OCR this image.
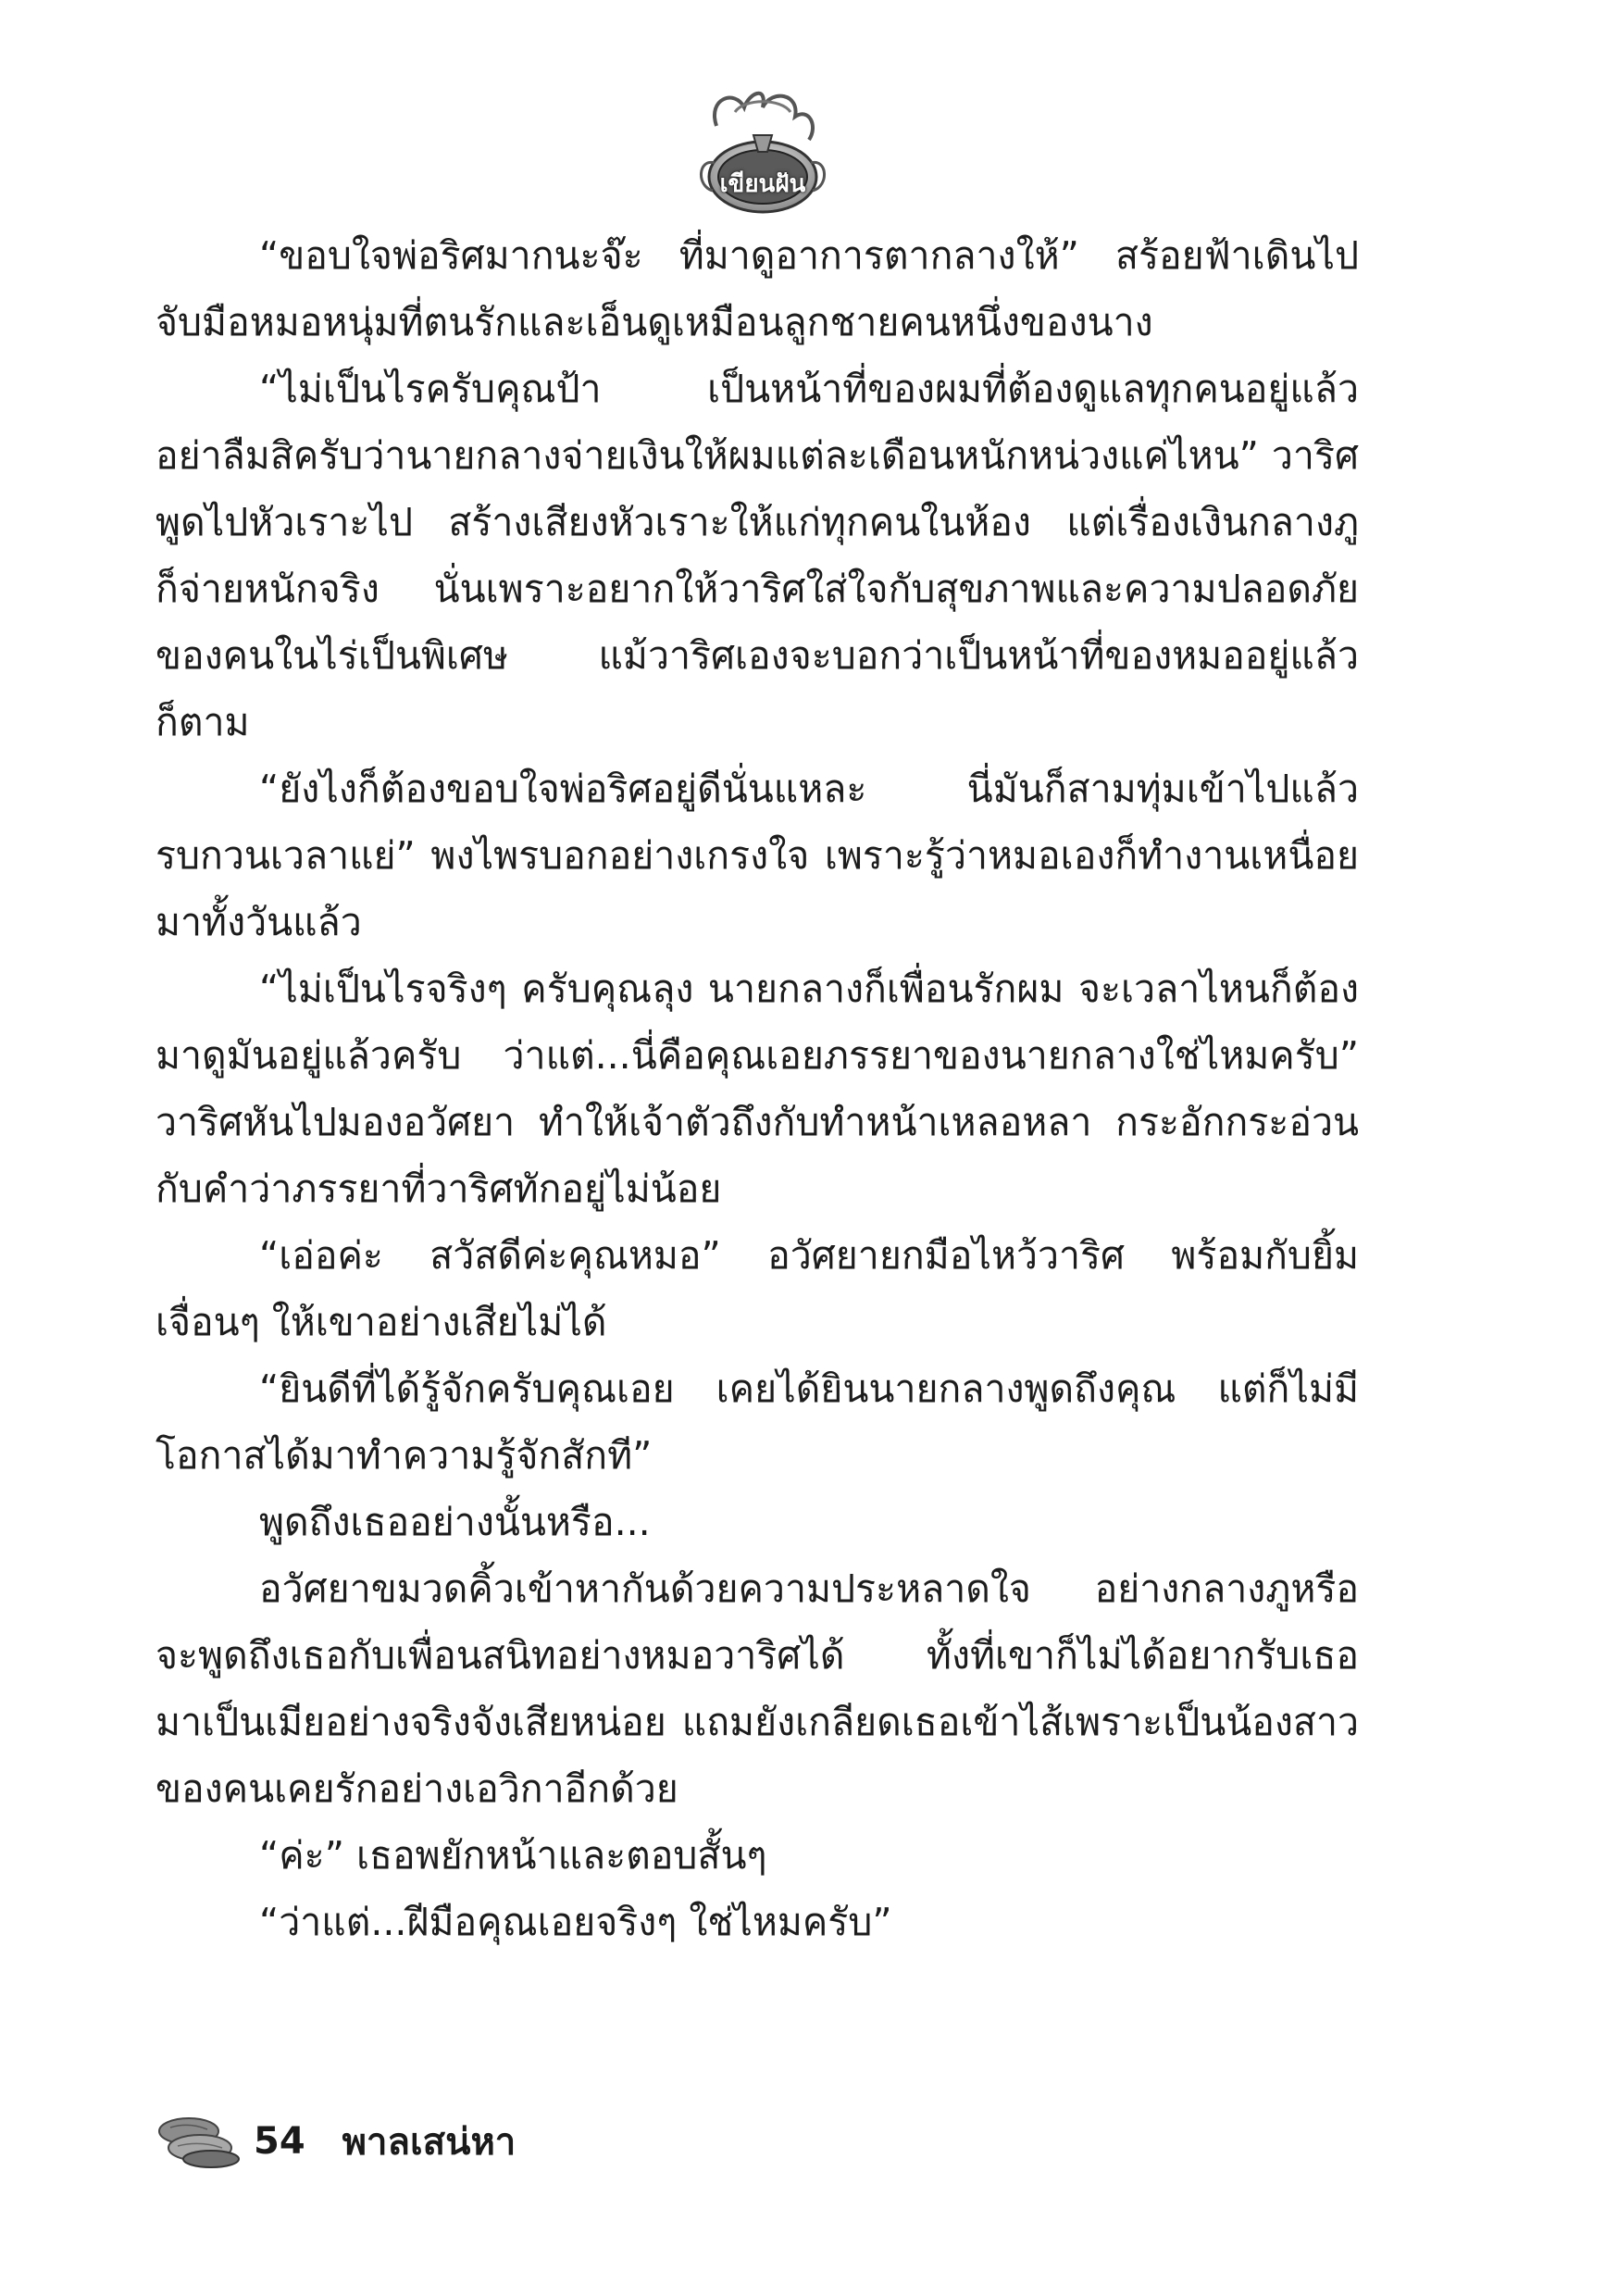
เขียนฝัน
“ขอบใจพ่อริศมากนะจ๊ะ ที่มาดูอาการตากลางให้” สร้อยฟ้าเดินไป
จับมือหมอหนุ่มที่ตนรักและเอ็นดูเหมือนลูกชายคนหนึ่งของนาง
“ไม่เป็นไรครับคุณป้า เป็นหน้าที่ของผมที่ต้องดูแลทุกคนอยู่แล้ว
อย่าลืมสิครับว่านายกลางจ่ายเงินให้ผมแต่ละเดือนหนักหน่วงแค่ไหน” วาริศ
พูดไปหัวเราะไป สร้างเสียงหัวเราะให้แก่ทุกคนในห้อง แต่เรื่องเงินกลางภู
ก็จ่ายหนักจริง นั่นเพราะอยากให้วาริศใส่ใจกับสุขภาพและความปลอดภัย
ของคนในไร่เป็นพิเศษ แม้วาริศเองจะบอกว่าเป็นหน้าที่ของหมออยู่แล้ว
ก็ตาม
“ยังไงก็ต้องขอบใจพ่อริศอยู่ดีนั่นแหละ นี่มันก็สามทุ่มเข้าไปแล้ว
รบกวนเวลาแย่” พงไพรบอกอย่างเกรงใจ เพราะรู้ว่าหมอเองก็ทำงานเหนื่อย
มาทั้งวันแล้ว
“ไม่เป็นไรจริงๆ ครับคุณลุง นายกลางก็เพื่อนรักผม จะเวลาไหนก็ต้อง
มาดูมันอยู่แล้วครับ ว่าแต่...นี่คือคุณเอยภรรยาของนายกลางใช่ไหมครับ”
วาริศหันไปมองอวัศยา ทำให้เจ้าตัวถึงกับทำหน้าเหลอหลา กระอักกระอ่วน
กับคำว่าภรรยาที่วาริศทักอยู่ไม่น้อย
“เอ่อค่ะ สวัสดีค่ะคุณหมอ” อวัศยายกมือไหว้วาริศ พร้อมกับยิ้ม
เจื่อนๆ ให้เขาอย่างเสียไม่ได้
“ยินดีที่ได้รู้จักครับคุณเอย เคยได้ยินนายกลางพูดถึงคุณ แต่ก็ไม่มี
โอกาสได้มาทำความรู้จักสักที”
พูดถึงเธออย่างนั้นหรือ...
อวัศยาขมวดคิ้วเข้าหากันด้วยความประหลาดใจ อย่างกลางภูหรือ
จะพูดถึงเธอกับเพื่อนสนิทอย่างหมอวาริศได้ ทั้งที่เขาก็ไม่ได้อยากรับเธอ
มาเป็นเมียอย่างจริงจังเสียหน่อย แถมยังเกลียดเธอเข้าไส้เพราะเป็นน้องสาว
ของคนเคยรักอย่างเอวิกาอีกด้วย
“ค่ะ” เธอพยักหน้าและตอบสั้นๆ
“ว่าแต่...ฝีมือคุณเอยจริงๆ ใช่ไหมครับ”
54 พาลเสน่หา
